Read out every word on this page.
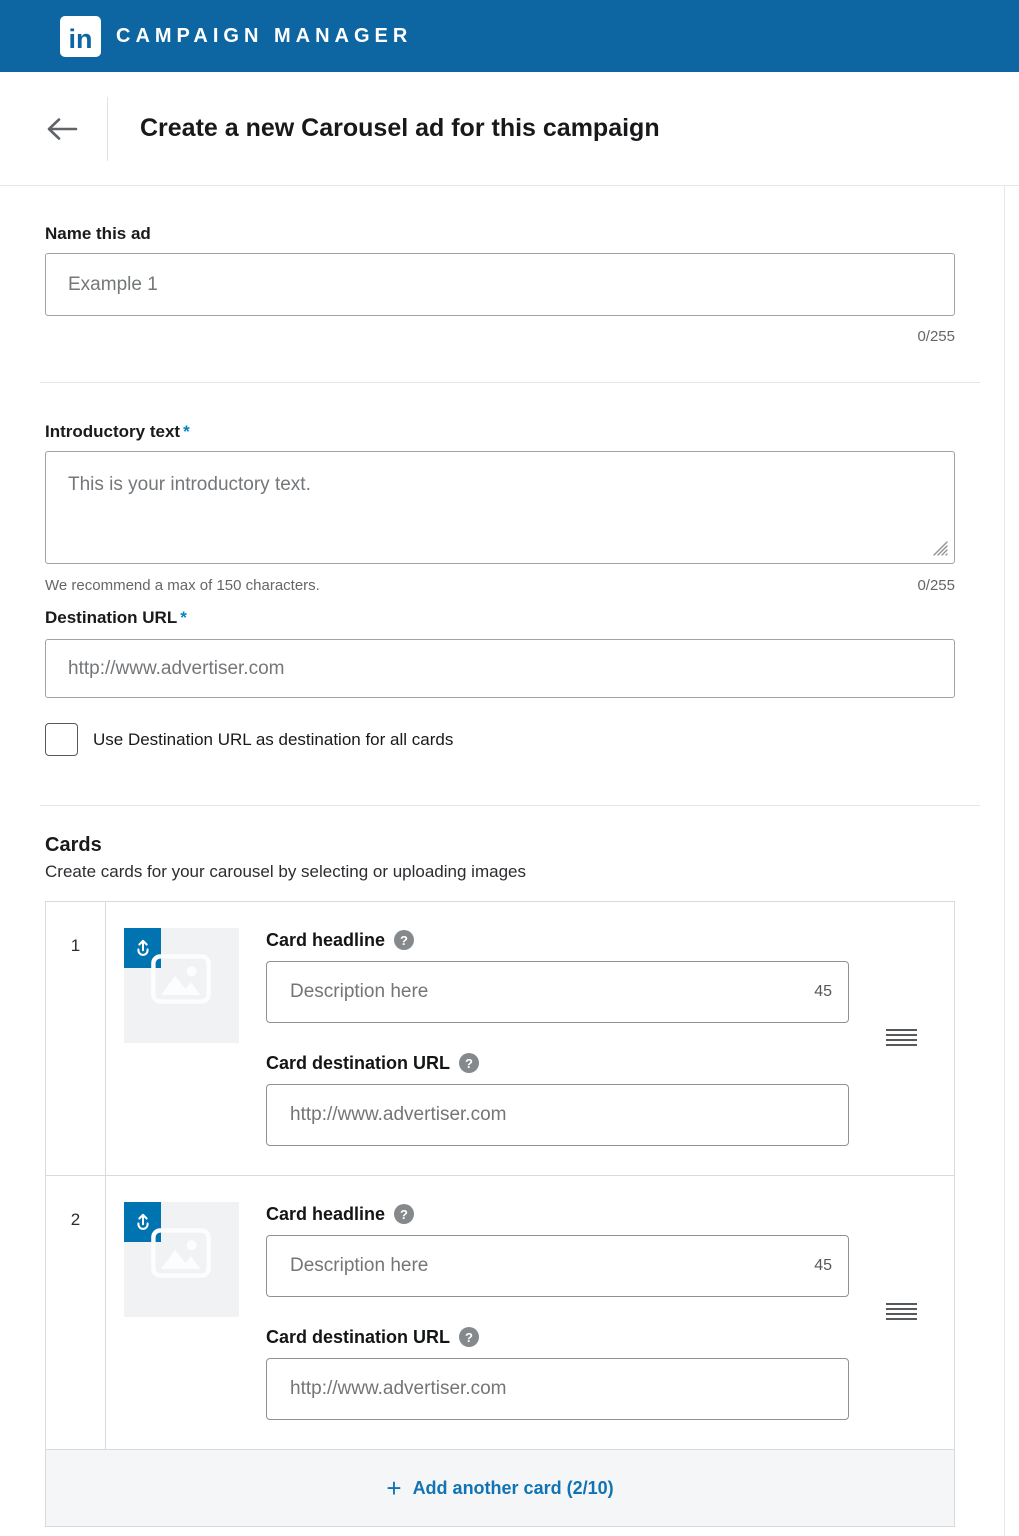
in	CAMPAIGN MANAGER
Create a new Carousel ad for this campaign
Name this ad
Example 1
0/255
Introductory text *
This is your introductory text.
We recommend a max of 150 characters.	0/255
Destination URL *
http://www.advertiser.com
Use Destination URL as destination for all cards
Cards
Create cards for your carousel by selecting or uploading images
1	Card headline	?
Description here
45
Card destination URL	?
http://www.advertiser.com
2	Card headline	?
Description here
45
Card destination URL	?
http://www.advertiser.com
+ Add another card (2/10)
